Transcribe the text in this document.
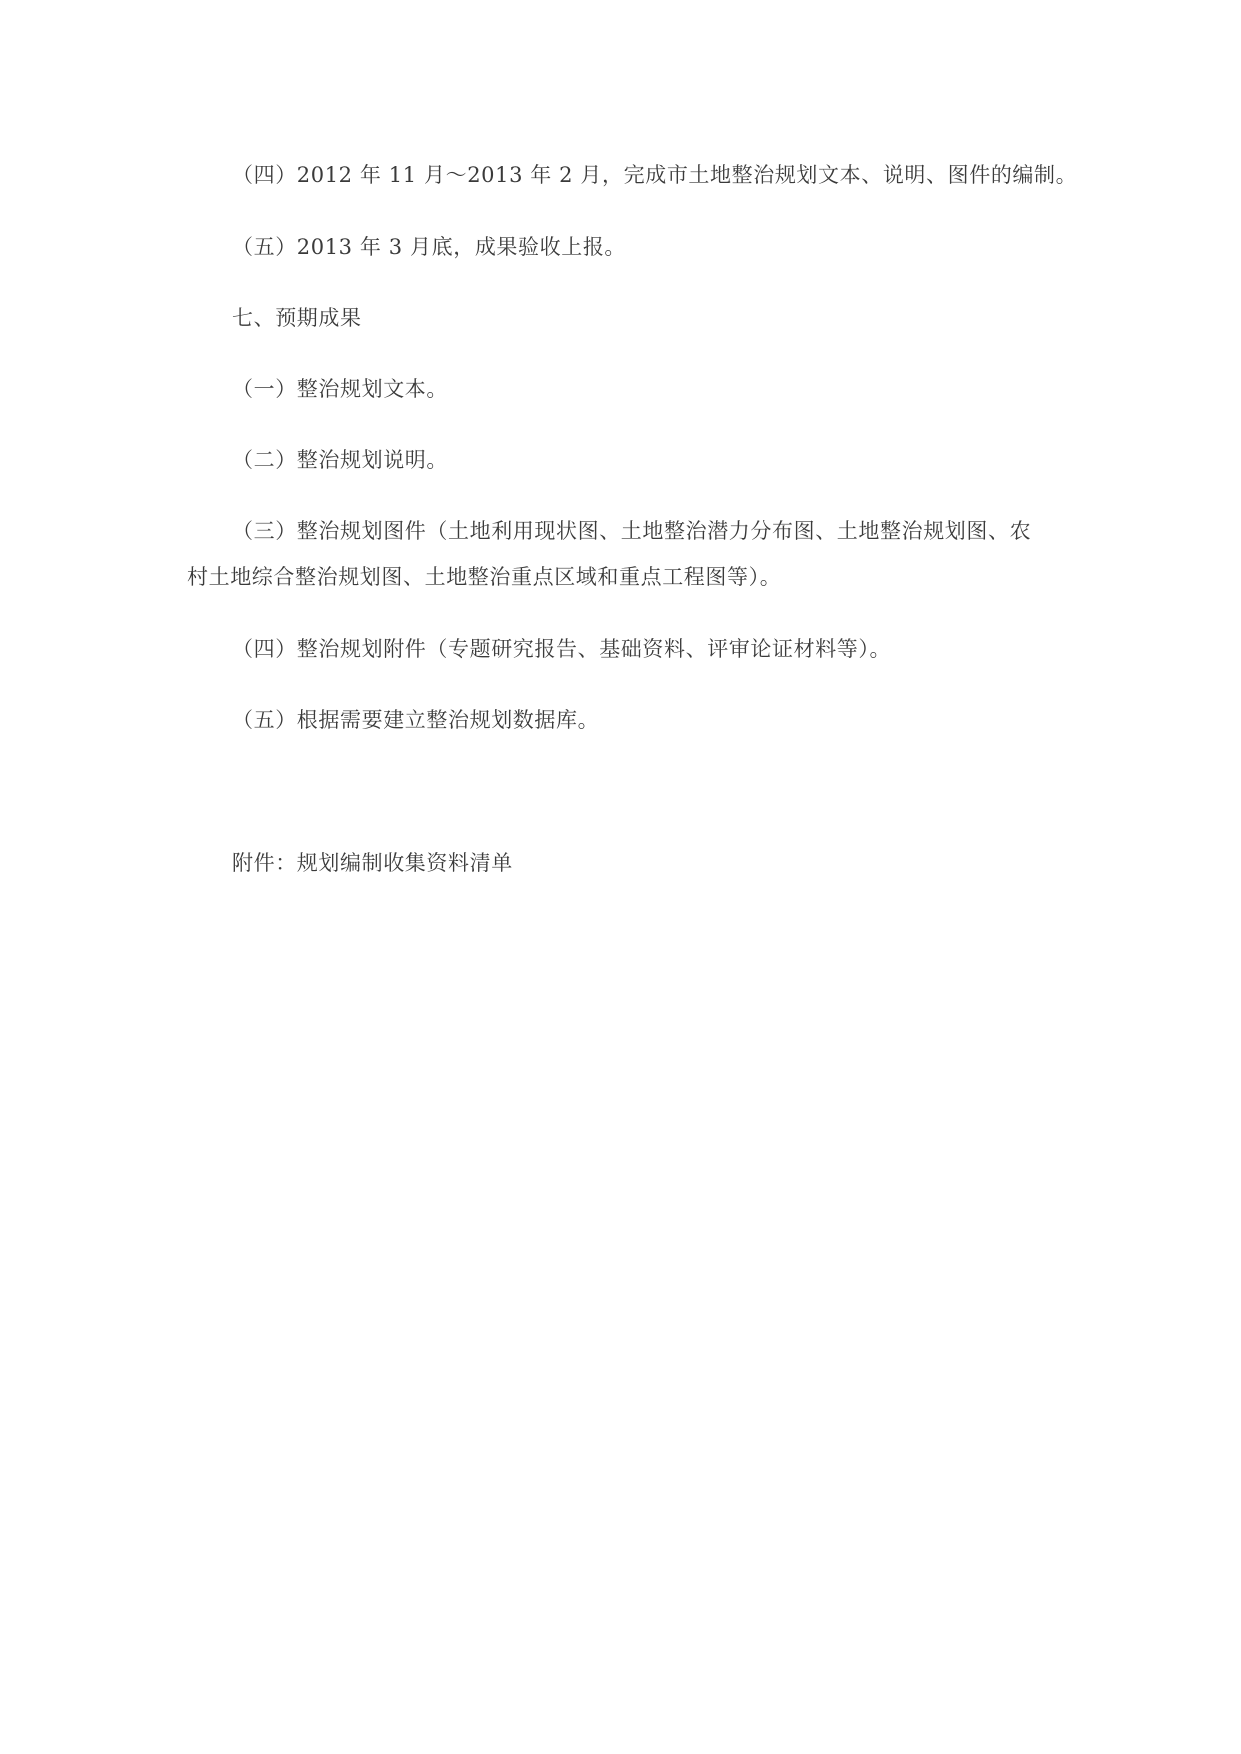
（四）2012 年 11 月～2013 年 2 月，完成市土地整治规划文本、说明、图件的编制。
（五）2013 年 3 月底，成果验收上报。
七、预期成果
（一）整治规划文本。
（二）整治规划说明。
（三）整治规划图件（土地利用现状图、土地整治潜力分布图、土地整治规划图、农
村土地综合整治规划图、土地整治重点区域和重点工程图等）。
（四）整治规划附件（专题研究报告、基础资料、评审论证材料等）。
（五）根据需要建立整治规划数据库。
附件：规划编制收集资料清单
